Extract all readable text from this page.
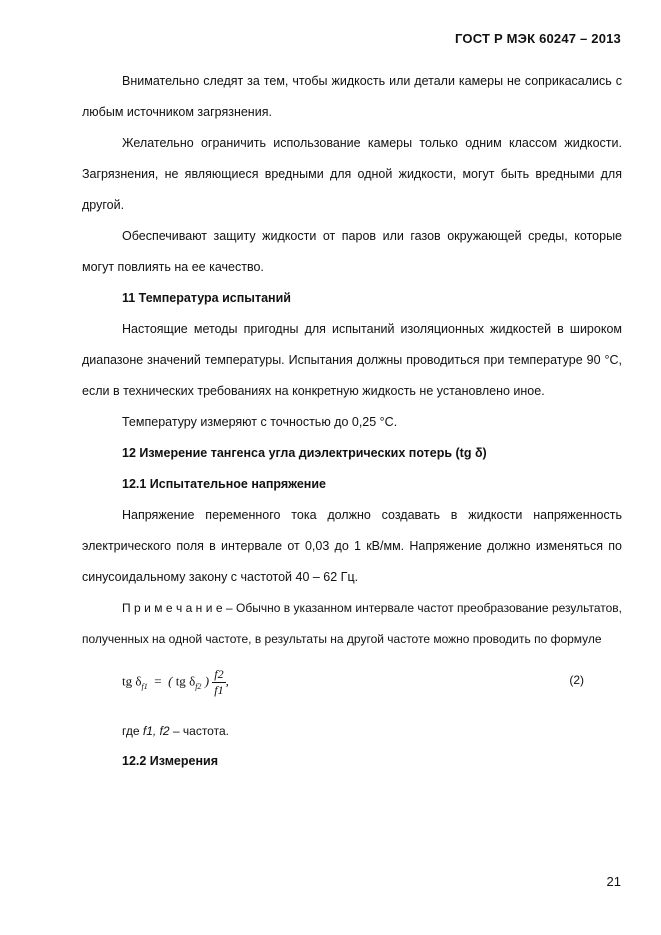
ГОСТ Р МЭК 60247 – 2013

Внимательно следят за тем, чтобы жидкость или детали камеры не соприкасались с любым источником загрязнения.

Желательно ограничить использование камеры только одним классом жидкости. Загрязнения, не являющиеся вредными для одной жидкости, могут быть вредными для другой.

Обеспечивают защиту жидкости от паров или газов окружающей среды, которые могут повлиять на ее качество.

11 Температура испытаний

Настоящие методы пригодны для испытаний изоляционных жидкостей в широком диапазоне значений температуры. Испытания должны проводиться при температуре 90 °С, если в технических требованиях на конкретную жидкость не установлено иное.

Температуру измеряют с точностью до 0,25 °С.

12 Измерение тангенса угла диэлектрических потерь (tg δ)

12.1 Испытательное напряжение

Напряжение переменного тока должно создавать в жидкости напряженность электрического поля в интервале от 0,03 до 1 кВ/мм. Напряжение должно изменяться по синусоидальному закону с частотой 40 – 62 Гц.

П р и м е ч а н и е – Обычно в указанном интервале частот преобразование результатов, полученных на одной частоте, в результаты на другой частоте можно проводить по формуле

tg $\delta_{f1}$ = ( tg $\delta_{f2}$ ) $\frac{f2}{f1}$ ,	(2)

где f1, f2 – частота.

12.2 Измерения

21
